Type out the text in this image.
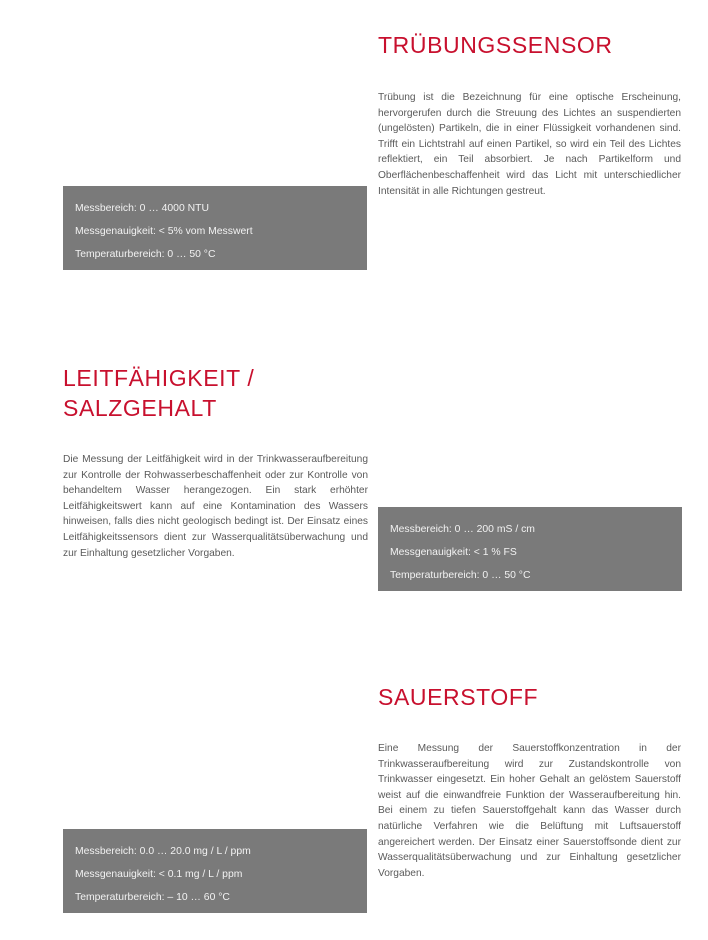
Messbereich: 0 … 4000 NTU
Messgenauigkeit: < 5% vom Messwert
Temperaturbereich: 0 … 50 °C
TRÜBUNGSSENSOR

Trübung ist die Bezeichnung für eine optische Erscheinung, hervorgerufen durch die Streuung des Lichtes an suspendierten (ungelösten) Partikeln, die in einer Flüssigkeit vorhandenen sind. Trifft ein Lichtstrahl auf einen Partikel, so wird ein Teil des Lichtes reflektiert, ein Teil absorbiert. Je nach Partikelform und Oberflächenbeschaffenheit wird das Licht mit unterschiedlicher Intensität in alle Richtungen gestreut.

LEITFÄHIGKEIT /
SALZGEHALT

Die Messung der Leitfähigkeit wird in der Trinkwasseraufbereitung zur Kontrolle der Rohwasserbeschaffenheit oder zur Kontrolle von behandeltem Wasser herangezogen. Ein stark erhöhter Leitfähigkeitswert kann auf eine Kontamination des Wassers hinweisen, falls dies nicht geologisch bedingt ist. Der Einsatz eines Leitfähigkeitssensors dient zur Wasserqualitätsüberwachung und zur Einhaltung gesetzlicher Vorgaben.

Messbereich: 0 … 200 mS / cm
Messgenauigkeit: < 1 % FS
Temperaturbereich: 0 … 50 °C
SAUERSTOFF

Eine Messung der Sauerstoffkonzentration in der Trinkwasseraufbereitung wird zur Zustandskontrolle von Trinkwasser eingesetzt. Ein hoher Gehalt an gelöstem Sauerstoff weist auf die einwandfreie Funktion der Wasseraufbereitung hin. Bei einem zu tiefen Sauerstoffgehalt kann das Wasser durch natürliche Verfahren wie die Belüftung mit Luftsauerstoff angereichert werden. Der Einsatz einer Sauerstoffsonde dient zur Wasserqualitätsüberwachung und zur Einhaltung gesetzlicher Vorgaben.

Messbereich: 0.0 … 20.0 mg / L / ppm
Messgenauigkeit: < 0.1 mg / L / ppm
Temperaturbereich: – 10 … 60 °C
